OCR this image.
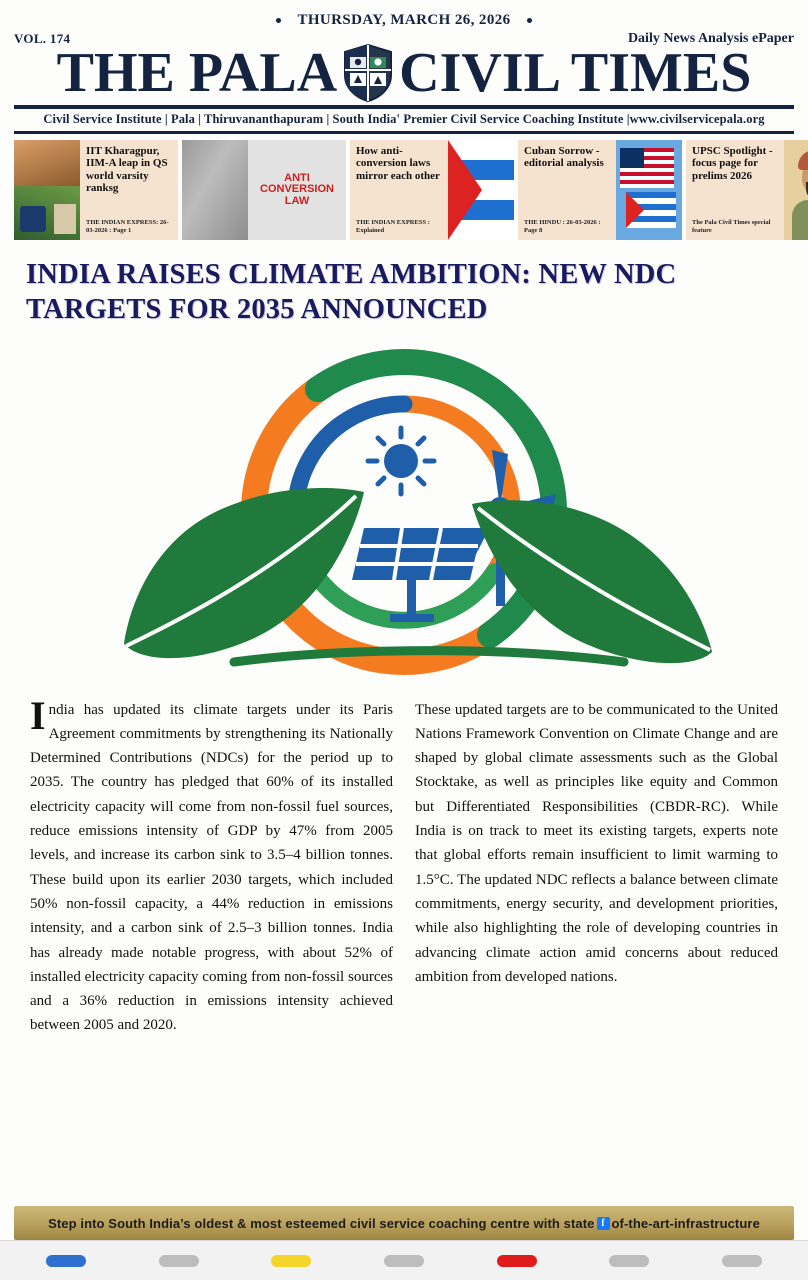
THURSDAY, MARCH 26, 2026
VOL. 174	Daily News Analysis ePaper
THE PALA CIVIL TIMES
Civil Service Institute | Pala | Thiruvananthapuram | South India' Premier Civil Service Coaching Institute |www.civilservicepala.org
IIT Kharagpur, IIM-A leap in QS world varsity ranksg
THE INDIAN EXPRESS: 26-03-2026 : Page 1
ANTI
CONVERSION
LAW
How anti-conversion laws mirror each other
THE INDIAN EXPRESS : Explained
Cuban Sorrow - editorial analysis
THE HINDU : 26-03-2026 : Page 8
UPSC Spotlight - focus page for prelims 2026
The Pala Civil Times special feature
INDIA RAISES CLIMATE AMBITION: NEW NDC TARGETS FOR 2035 ANNOUNCED
India has updated its climate targets under its Paris Agreement commitments by strengthening its Nationally Determined Contributions (NDCs) for the period up to 2035. The country has pledged that 60% of its installed electricity capacity will come from non-fossil fuel sources, reduce emissions intensity of GDP by 47% from 2005 levels, and increase its carbon sink to 3.5–4 billion tonnes. These build upon its earlier 2030 targets, which included 50% non-fossil capacity, a 44% reduction in emissions intensity, and a carbon sink of 2.5–3 billion tonnes. India has already made notable progress, with about 52% of installed electricity capacity coming from non-fossil sources and a 36% reduction in emissions intensity achieved between 2005 and 2020.
These updated targets are to be communicated to the United Nations Framework Convention on Climate Change and are shaped by global climate assessments such as the Global Stocktake, as well as principles like equity and Common but Differentiated Responsibilities (CBDR-RC). While India is on track to meet its existing targets, experts note that global efforts remain insufficient to limit warming to 1.5°C. The updated NDC reflects a balance between climate commitments, energy security, and development priorities, while also highlighting the role of developing countries in advancing climate action amid concerns about reduced ambition from developed nations.
Step into South India’s oldest & most esteemed civil service coaching centre with state f of-the-art-infrastructure
